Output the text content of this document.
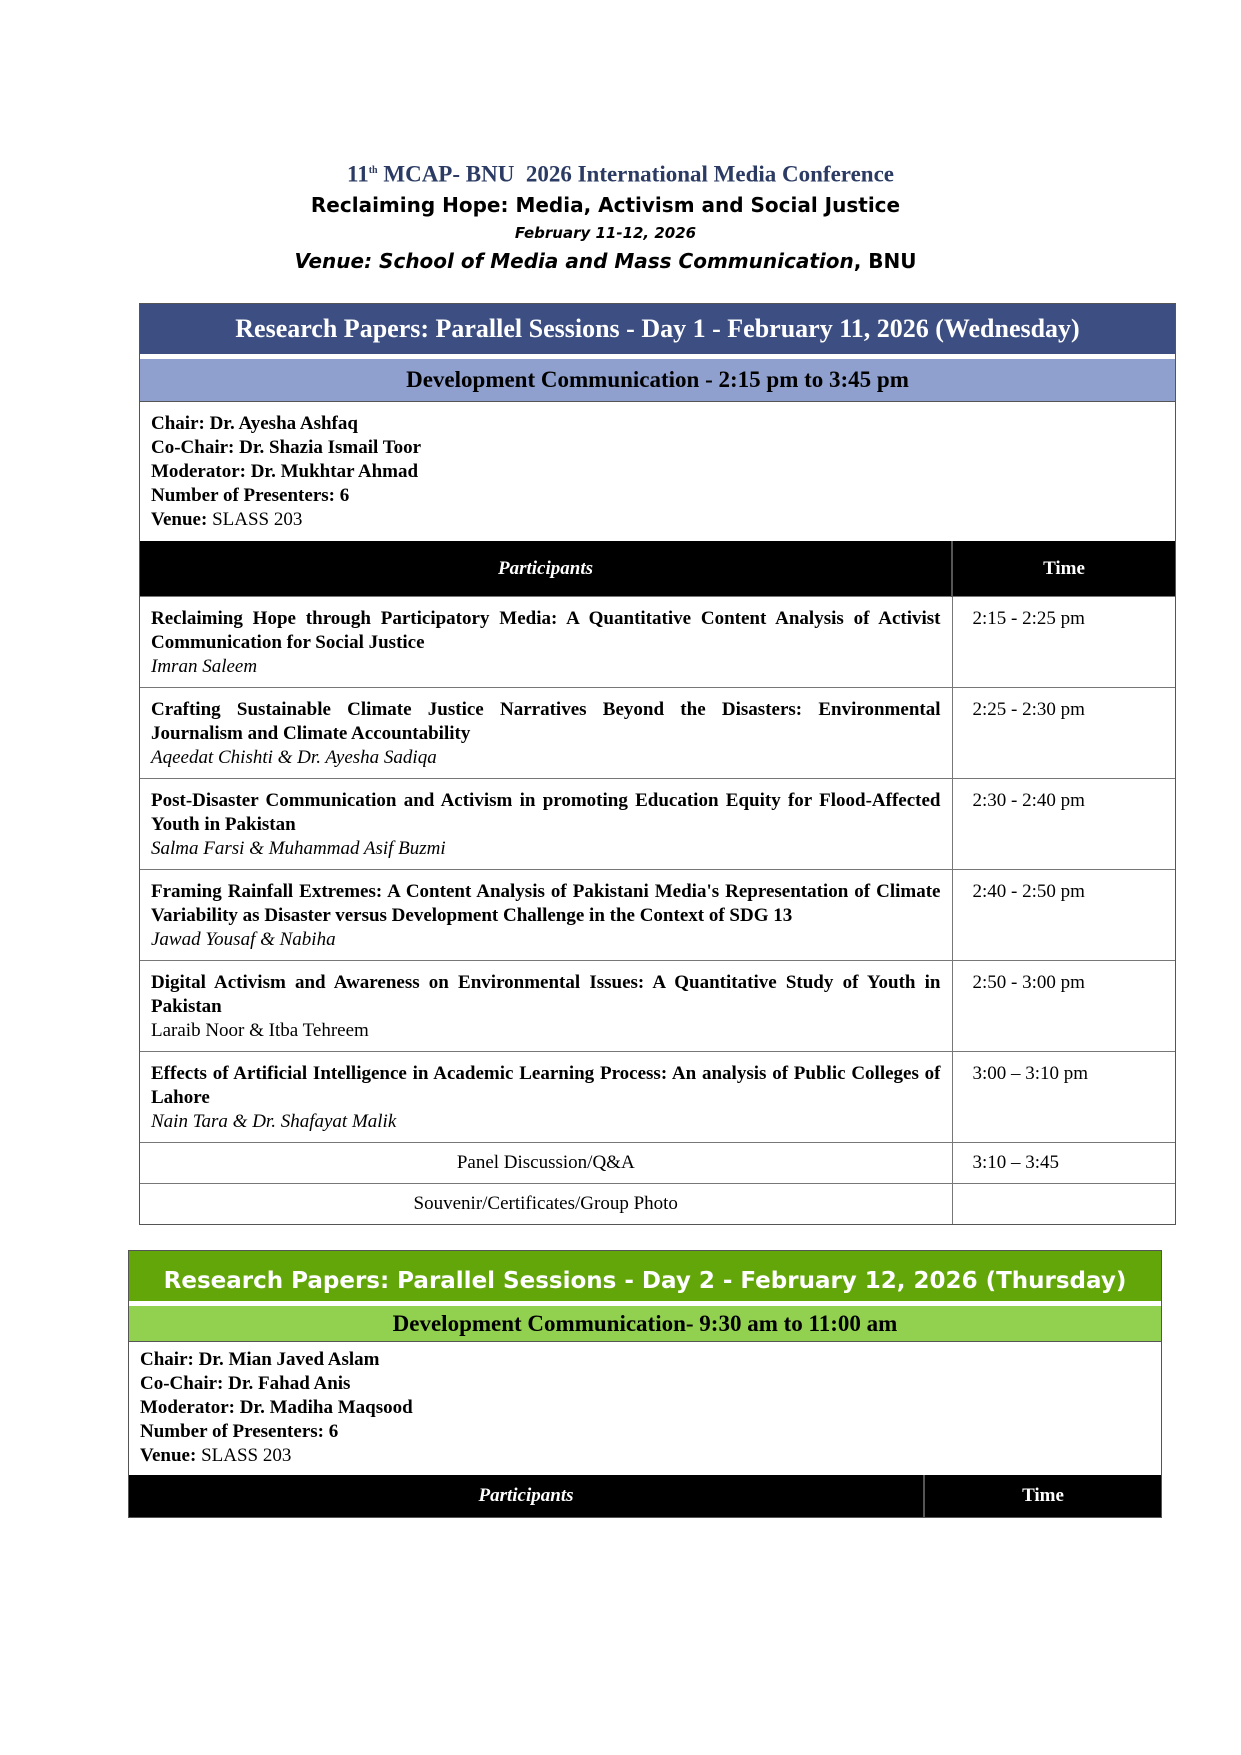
11th MCAP- BNU  2026 International Media Conference
Reclaiming Hope: Media, Activism and Social Justice
February 11-12, 2026
Venue: School of Media and Mass Communication, BNU
Research Papers: Parallel Sessions - Day 1 - February 11, 2026 (Wednesday)
Development Communication - 2:15 pm to 3:45 pm
Chair: Dr. Ayesha Ashfaq
Co-Chair: Dr. Shazia Ismail Toor
Moderator: Dr. Mukhtar Ahmad
Number of Presenters: 6
Venue: SLASS 203
Participants	Time

Reclaiming Hope through Participatory Media: A Quantitative Content Analysis of Activist Communication for Social Justice
Imran Saleem	2:15 - 2:25 pm

Crafting Sustainable Climate Justice Narratives Beyond the Disasters: Environmental Journalism and Climate Accountability
Aqeedat Chishti & Dr. Ayesha Sadiqa	2:25 - 2:30 pm

Post-Disaster Communication and Activism in promoting Education Equity for Flood-Affected Youth in Pakistan
Salma Farsi & Muhammad Asif Buzmi	2:30 - 2:40 pm

Framing Rainfall Extremes: A Content Analysis of Pakistani Media's Representation of Climate Variability as Disaster versus Development Challenge in the Context of SDG 13
Jawad Yousaf & Nabiha	2:40 - 2:50 pm

Digital Activism and Awareness on Environmental Issues: A Quantitative Study of Youth in Pakistan
Laraib Noor & Itba Tehreem	2:50 - 3:00 pm

Effects of Artificial Intelligence in Academic Learning Process: An analysis of Public Colleges of Lahore
Nain Tara & Dr. Shafayat Malik	3:00 – 3:10 pm
Panel Discussion/Q&A	3:10 – 3:45
Souvenir/Certificates/Group Photo	
Research Papers: Parallel Sessions - Day 2 - February 12, 2026 (Thursday)
Development Communication- 9:30 am to 11:00 am
Chair: Dr. Mian Javed Aslam
Co-Chair: Dr. Fahad Anis
Moderator: Dr. Madiha Maqsood
Number of Presenters: 6
Venue: SLASS 203
Participants	Time
